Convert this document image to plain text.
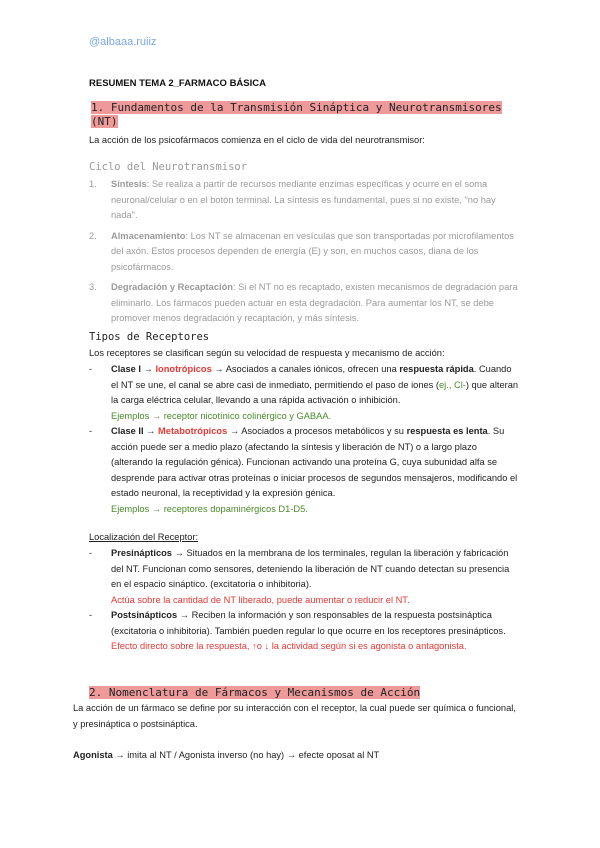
@albaaa.ruiiz
RESUMEN TEMA 2_FARMACO BÁSICA
1. Fundamentos de la Transmisión Sináptica y Neurotransmisores (NT)
La acción de los psicofármacos comienza en el ciclo de vida del neurotransmisor:
Ciclo del Neurotransmisor
1. Síntesis: Se realiza a partir de recursos mediante enzimas específicas y ocurre en el soma neuronal/celular o en el botón terminal. La síntesis es fundamental, pues si no existe, "no hay nada".
2. Almacenamiento: Los NT se almacenan en vesículas que son transportadas por microfilamentos del axón. Estos procesos dependen de energía (E) y son, en muchos casos, diana de los psicofármacos.
3. Degradación y Recaptación: Si el NT no es recaptado, existen mecanismos de degradación para eliminarlo. Los fármacos pueden actuar en esta degradación. Para aumentar los NT, se debe promover menos degradación y recaptación, y más síntesis.
Tipos de Receptores
Los receptores se clasifican según su velocidad de respuesta y mecanismo de acción:
- Clase I → Ionotrópicos → Asociados a canales iónicos, ofrecen una respuesta rápida. Cuando el NT se une, el canal se abre casi de inmediato, permitiendo el paso de iones (ej., Cl-) que alteran la carga eléctrica celular, llevando a una rápida activación o inhibición.
Ejemplos → receptor nicotínico colinérgico y GABAA.
- Clase II → Metabotrópicos → Asociados a procesos metabólicos y su respuesta es lenta. Su acción puede ser a medio plazo (afectando la síntesis y liberación de NT) o a largo plazo (alterando la regulación génica). Funcionan activando una proteína G, cuya subunidad alfa se desprende para activar otras proteínas o iniciar procesos de segundos mensajeros, modificando el estado neuronal, la receptividad y la expresión génica.
Ejemplos → receptores dopaminérgicos D1-D5.
Localización del Receptor:
- Presinápticos → Situados en la membrana de los terminales, regulan la liberación y fabricación del NT. Funcionan como sensores, deteniendo la liberación de NT cuando detectan su presencia en el espacio sináptico. (excitatoria o inhibitoria).
Actúa sobre la cantidad de NT liberado, puede aumentar o reducir el NT.
- Postsinápticos → Reciben la información y son responsables de la respuesta postsináptica (excitatoria o inhibitoria). También pueden regular lo que ocurre en los receptores presinápticos.
Efecto directo sobre la respuesta, ↑o ↓ la actividad según si es agonista o antagonista.
2. Nomenclatura de Fármacos y Mecanismos de Acción
La acción de un fármaco se define por su interacción con el receptor, la cual puede ser química o funcional, y presináptica o postsináptica.
Agonista → imita al NT / Agonista inverso (no hay) → efecte oposat al NT
